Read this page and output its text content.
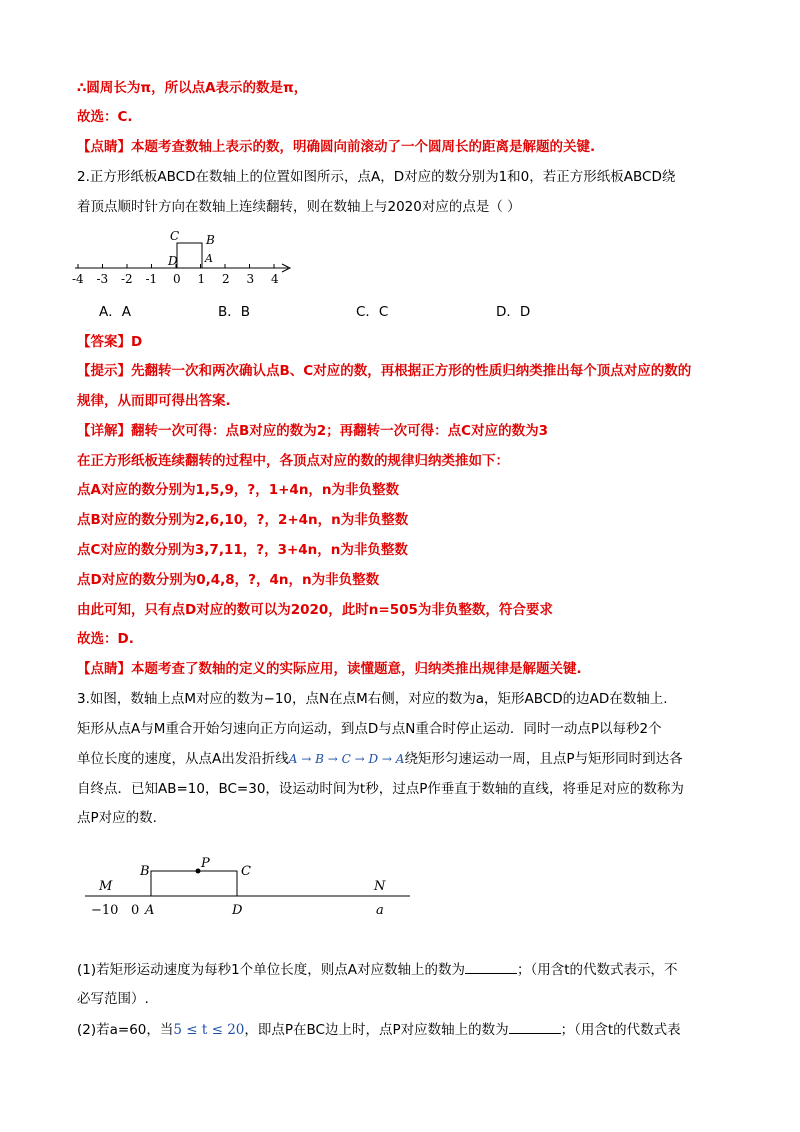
∴圆周长为π，所以点A表示的数是π，
故选：C.
【点睛】本题考查数轴上表示的数，明确圆向前滚动了一个圆周长的距离是解题的关键.
2.正方形纸板ABCD在数轴上的位置如图所示，点A，D对应的数分别为1和0，若正方形纸板ABCD绕
着顶点顺时针方向在数轴上连续翻转，则在数轴上与2020对应的点是（ ）
-4 -3 -2 -1 0 1 2 3 4
C B
D A
A．A	B．B	C．C	D．D
【答案】D
【提示】先翻转一次和两次确认点B、C对应的数，再根据正方形的性质归纳类推出每个顶点对应的数的
规律，从而即可得出答案.
【详解】翻转一次可得：点B对应的数为2；再翻转一次可得：点C对应的数为3
在正方形纸板连续翻转的过程中，各顶点对应的数的规律归纳类推如下：
点A对应的数分别为1,5,9，?，1+4n，n为非负整数
点B对应的数分别为2,6,10，?，2+4n，n为非负整数
点C对应的数分别为3,7,11，?，3+4n，n为非负整数
点D对应的数分别为0,4,8，?，4n，n为非负整数
由此可知，只有点D对应的数可以为2020，此时n=505为非负整数，符合要求
故选：D.
【点睛】本题考查了数轴的定义的实际应用，读懂题意，归纳类推出规律是解题关键.
3.如图，数轴上点M对应的数为−10，点N在点M右侧，对应的数为a，矩形ABCD的边AD在数轴上.
矩形从点A与M重合开始匀速向正方向运动，到点D与点N重合时停止运动．同时一动点P以每秒2个
单位长度的速度，从点A出发沿折线A → B → C → D → A绕矩形匀速运动一周，且点P与矩形同时到达各
自终点．已知AB=10，BC=30，设运动时间为t秒，过点P作垂直于数轴的直线，将垂足对应的数称为
点P对应的数.
M	N
B
P
C
−10 0 A	D	a
(1)若矩形运动速度为每秒1个单位长度，则点A对应数轴上的数为	；（用含t的代数式表示，不
必写范围）.
(2)若a=60，当5 ≤ t ≤ 20，即点P在BC边上时，点P对应数轴上的数为	；（用含t的代数式表
